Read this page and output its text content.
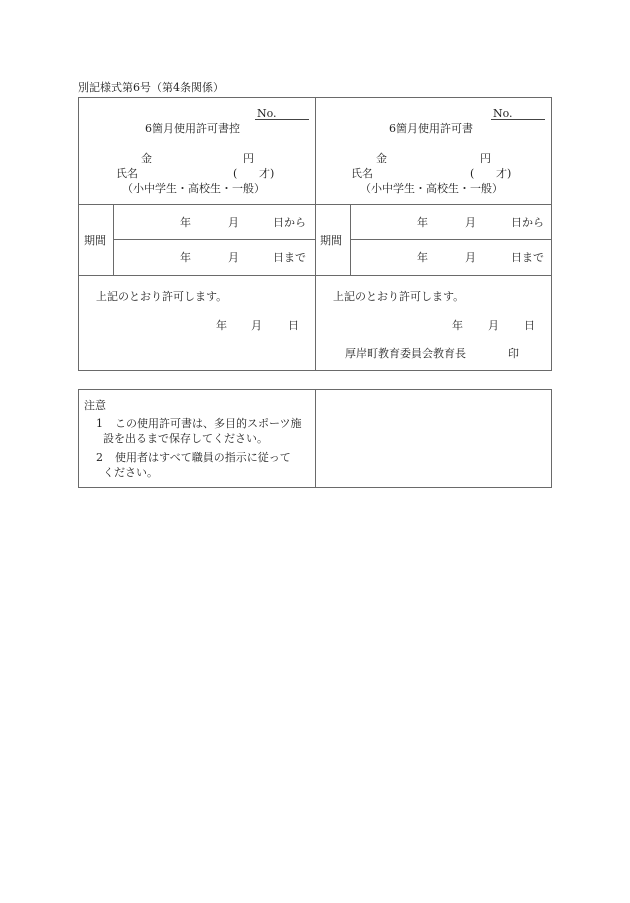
別記様式第6号（第4条関係）
No.
6箇月使用許可書控
金	円
氏名	( 才)
（小中学生・高校生・一般）
期間
年	月	日から
年	月	日まで
上記のとおり許可します。
年 月 日
No.
6箇月使用許可書
金	円
氏名	( 才)
（小中学生・高校生・一般）
期間
年	月	日から
年	月	日まで
上記のとおり許可します。
年 月 日
厚岸町教育委員会教育長	印
注意
1 この使用許可書は、多目的スポーツ施
設を出るまで保存してください。
2 使用者はすべて職員の指示に従って
ください。
